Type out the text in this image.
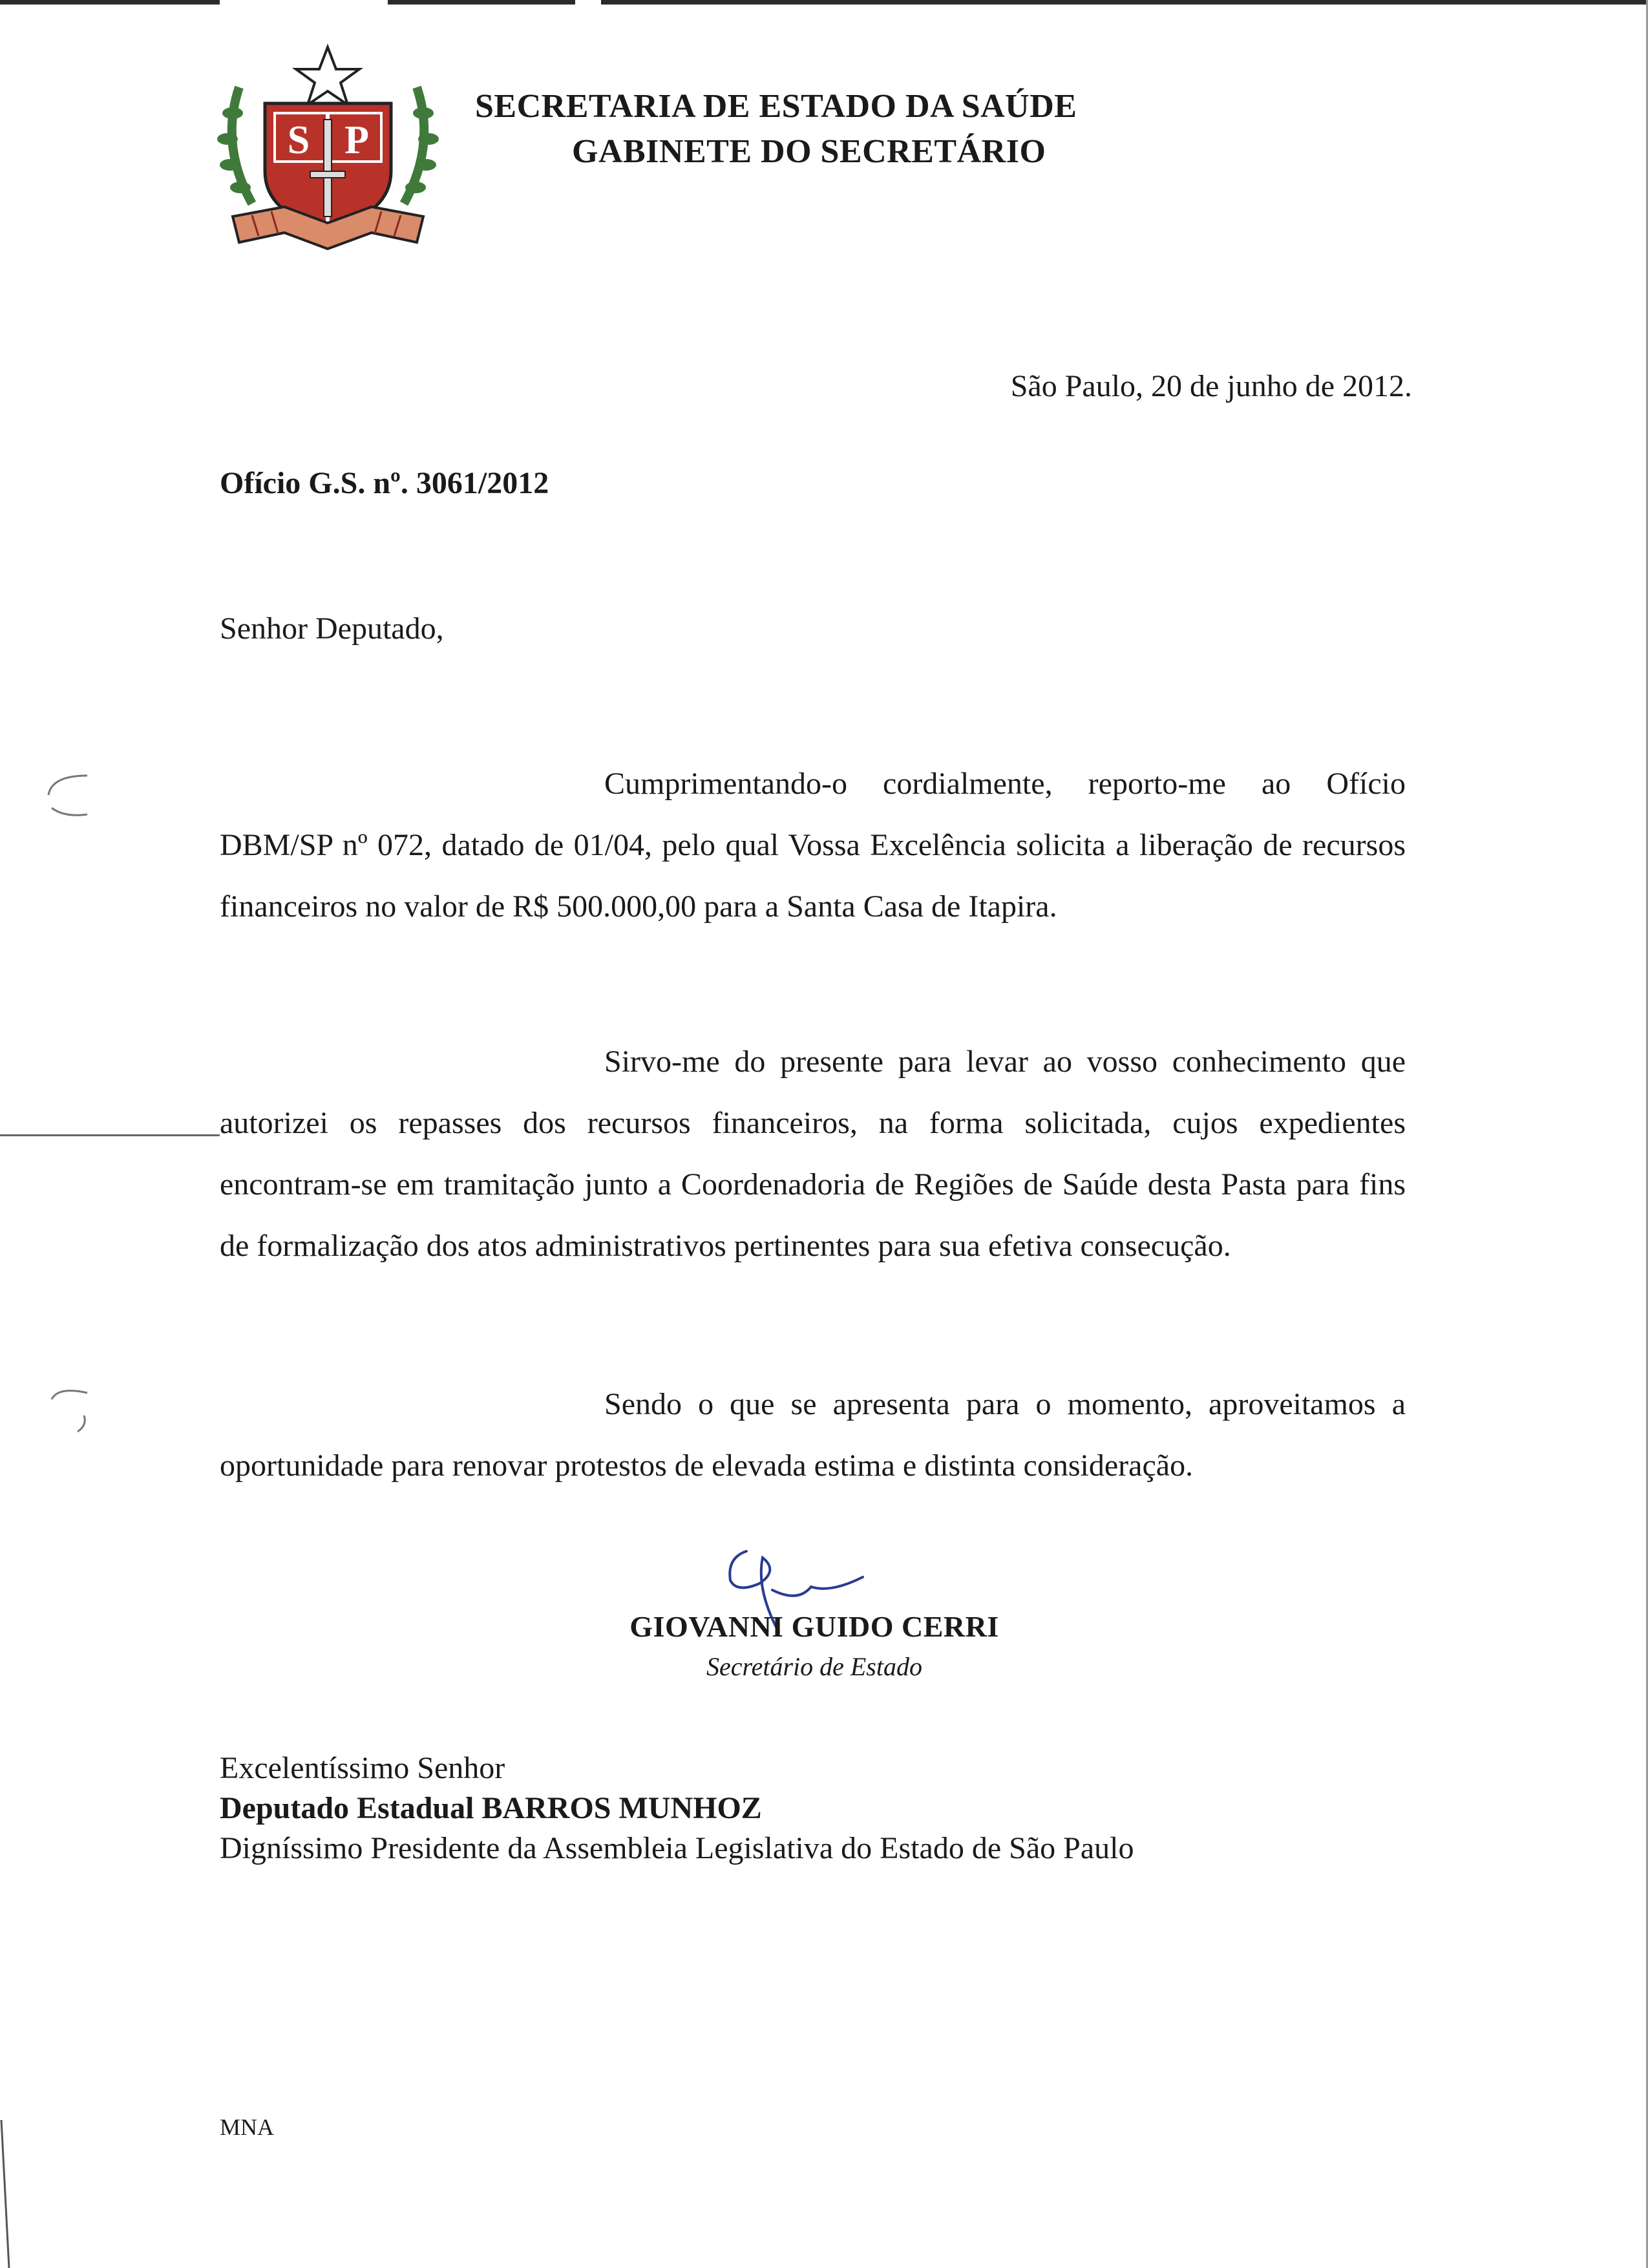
S P
SECRETARIA DE ESTADO DA SAÚDE
GABINETE DO SECRETÁRIO
São Paulo, 20 de junho de 2012.
Ofício G.S. nº. 3061/2012
Senhor Deputado,

Cumprimentando-o cordialmente, reporto-me ao Ofício DBM/SP nº 072, datado de 01/04, pelo qual Vossa Excelência solicita a liberação de recursos financeiros no valor de R$ 500.000,00 para a Santa Casa de Itapira.

Sirvo-me do presente para levar ao vosso conhecimento que autorizei os repasses dos recursos financeiros, na forma solicitada, cujos expedientes encontram-se em tramitação junto a Coordenadoria de Regiões de Saúde desta Pasta para fins de formalização dos atos administrativos pertinentes para sua efetiva consecução.

Sendo o que se apresenta para o momento, aproveitamos a oportunidade para renovar protestos de elevada estima e distinta consideração.

GIOVANNI GUIDO CERRI
Secretário de Estado
Excelentíssimo Senhor
Deputado Estadual BARROS MUNHOZ
Digníssimo Presidente da Assembleia Legislativa do Estado de São Paulo
MNA
